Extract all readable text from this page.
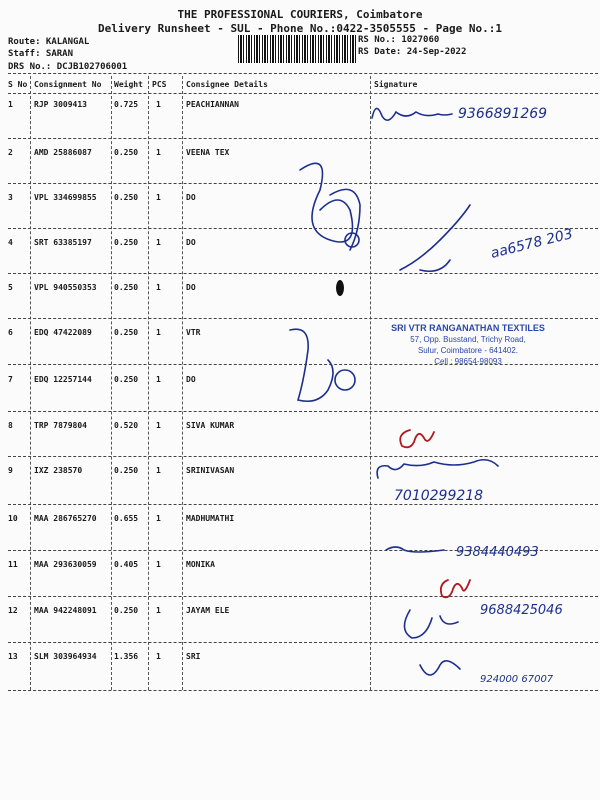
THE PROFESSIONAL COURIERS, Coimbatore
Delivery Runsheet - SUL - Phone No.:0422-3505555 - Page No.:1
Route: KALANGAL
Staff: SARAN
DRS No.: DCJB102706001
RS No.: 1027060
RS Date: 24-Sep-2022
S No Consignment No Weight PCS Consignee Details	Signature
1	RJP 3009413	0.725 1	PEACHIANNAN
2	AMD 25886087	0.250 1	VEENA TEX
3	VPL 334699855 0.250 1	DO
4	SRT 63385197	0.250 1	DO
5	VPL 940550353 0.250 1	DO
6	EDQ 47422089	0.250 1	VTR
7	EDQ 12257144	0.250 1	DO
8	TRP 7879804	0.520 1	SIVA KUMAR
9	IXZ 238570	0.250 1	SRINIVASAN
10 MAA 286765270 0.655 1	MADHUMATHI
11 MAA 293630059 0.405 1	MONIKA
12 MAA 942248091 0.250 1	JAYAM ELE
13 SLM 303964934 1.356 1	SRI
SRI VTR RANGANATHAN TEXTILES
57, Opp. Busstand, Trichy Road,
Sulur, Coimbatore - 641402.
Cell : 98654-98093
9366891269
aa6578 203
7010299218
9384440493
9688425046
924000 67007
